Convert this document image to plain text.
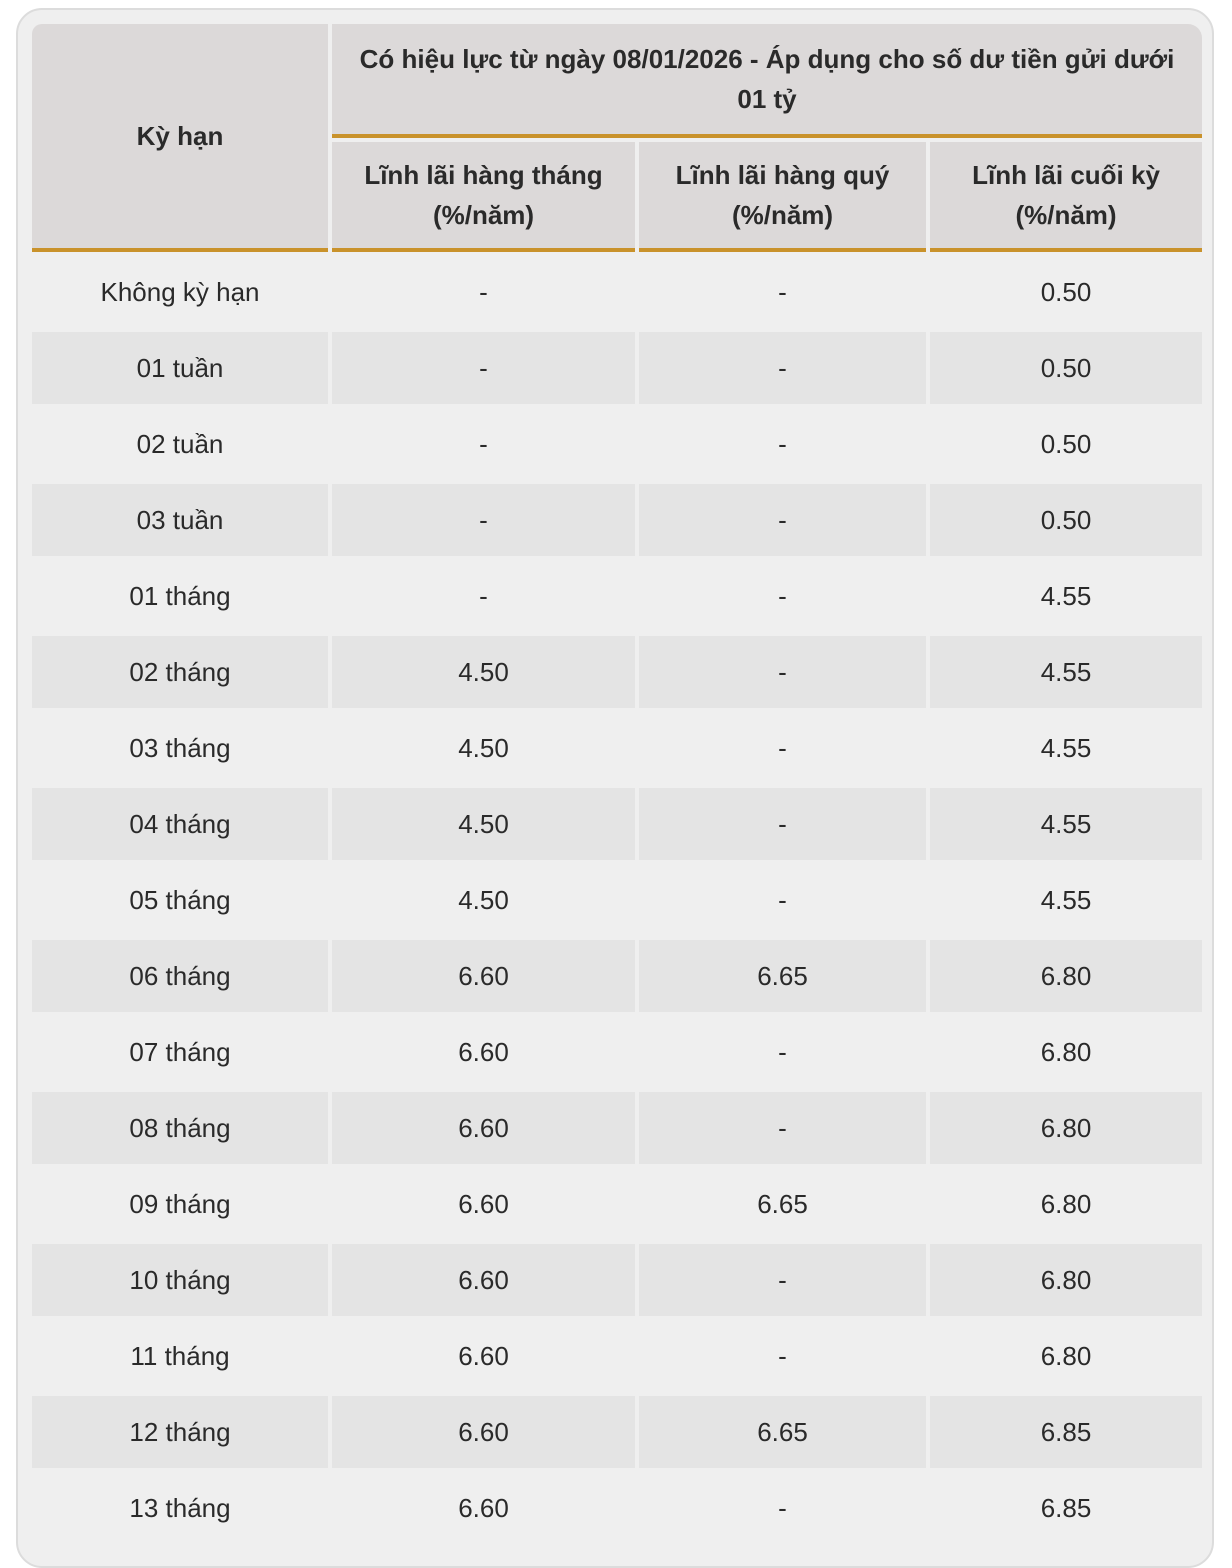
Kỳ hạn	Có hiệu lực từ ngày 08/01/2026 - Áp dụng cho số dư tiền gửi dưới 01 tỷ		
	Lĩnh lãi hàng tháng (%/năm)	Lĩnh lãi hàng quý (%/năm)	Lĩnh lãi cuối kỳ (%/năm)
Không kỳ hạn	-	-	0.50
01 tuần	-	-	0.50
02 tuần	-	-	0.50
03 tuần	-	-	0.50
01 tháng	-	-	4.55
02 tháng	4.50	-	4.55
03 tháng	4.50	-	4.55
04 tháng	4.50	-	4.55
05 tháng	4.50	-	4.55
06 tháng	6.60	6.65	6.80
07 tháng	6.60	-	6.80
08 tháng	6.60	-	6.80
09 tháng	6.60	6.65	6.80
10 tháng	6.60	-	6.80
11 tháng	6.60	-	6.80
12 tháng	6.60	6.65	6.85
13 tháng	6.60	-	6.85
